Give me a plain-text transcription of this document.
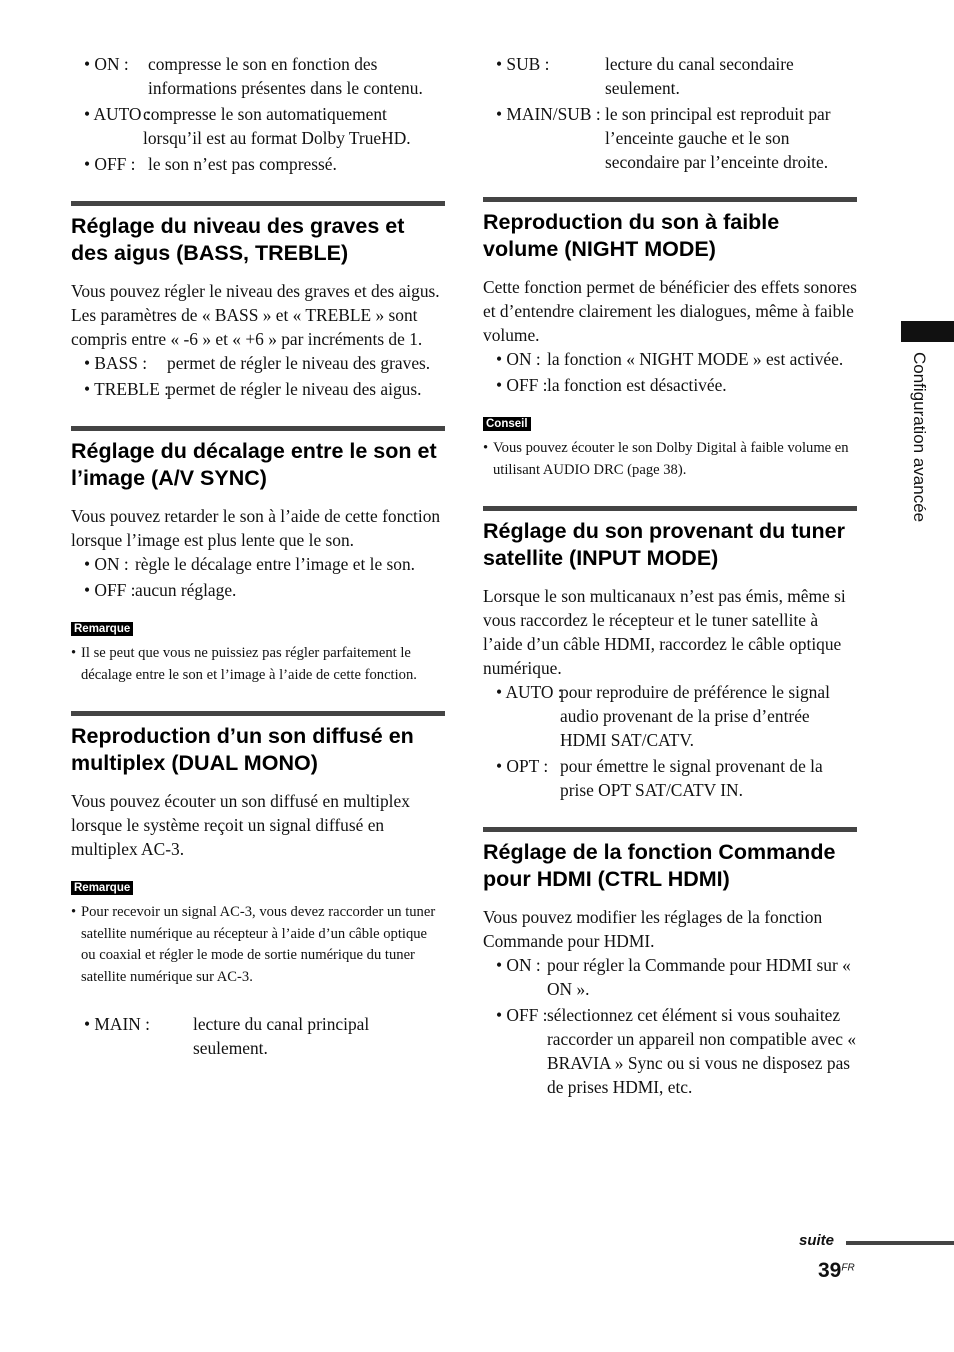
• ON : compresse le son en fonction des informations présentes dans le contenu.
• AUTO :
compresse le son automatiquement lorsqu’il est au format Dolby TrueHD.
• OFF : le son n’est pas compressé.
Réglage du niveau des graves et des aigus (BASS, TREBLE)

Vous pouvez régler le niveau des graves et des aigus.

Les paramètres de « BASS » et « TREBLE » sont compris entre « -6 » et « +6 » par incréments de 1.

• BASS : permet de régler le niveau des graves.
• TREBLE :
permet de régler le niveau des aigus.
Réglage du décalage entre le son et l’image (A/V SYNC)

Vous pouvez retarder le son à l’aide de cette fonction lorsque l’image est plus lente que le son.

• ON : règle le décalage entre l’image et le son.
• OFF : aucun réglage.
Remarque

• Il se peut que vous ne puissiez pas régler parfaitement le décalage entre le son et l’image à l’aide de cette fonction.

Reproduction d’un son diffusé en multiplex (DUAL MONO)

Vous pouvez écouter un son diffusé en multiplex lorsque le système reçoit un signal diffusé en multiplex AC-3.

Remarque

• Pour recevoir un signal AC-3, vous devez raccorder un tuner satellite numérique au récepteur à l’aide d’un câble optique ou coaxial et régler le mode de sortie numérique du tuner satellite numérique sur AC-3.

• MAIN : lecture du canal principal seulement.
• SUB :	lecture du canal secondaire seulement.
• MAIN/SUB : le son principal est reproduit par l’enceinte gauche et le son secondaire par l’enceinte droite.
Reproduction du son à faible volume (NIGHT MODE)

Cette fonction permet de bénéficier des effets sonores et d’entendre clairement les dialogues, même à faible volume.

• ON : la fonction « NIGHT MODE » est activée.
• OFF : la fonction est désactivée.
Conseil

• Vous pouvez écouter le son Dolby Digital à faible volume en utilisant AUDIO DRC (page 38).

Réglage du son provenant du tuner satellite (INPUT MODE)

Lorsque le son multicanaux n’est pas émis, même si vous raccordez le récepteur et le tuner satellite à l’aide d’un câble HDMI, raccordez le câble optique numérique.

• AUTO :
pour reproduire de préférence le signal audio provenant de la prise d’entrée HDMI SAT/CATV.
• OPT : pour émettre le signal provenant de la prise OPT SAT/CATV IN.
Réglage de la fonction Commande pour HDMI (CTRL HDMI)

Vous pouvez modifier les réglages de la fonction Commande pour HDMI.

• ON : pour régler la Commande pour HDMI sur « ON ».
• OFF : sélectionnez cet élément si vous souhaitez raccorder un appareil non compatible avec « BRAVIA » Sync ou si vous ne disposez pas de prises HDMI, etc.
Configuration avancée
suite
$39^{FR}$
